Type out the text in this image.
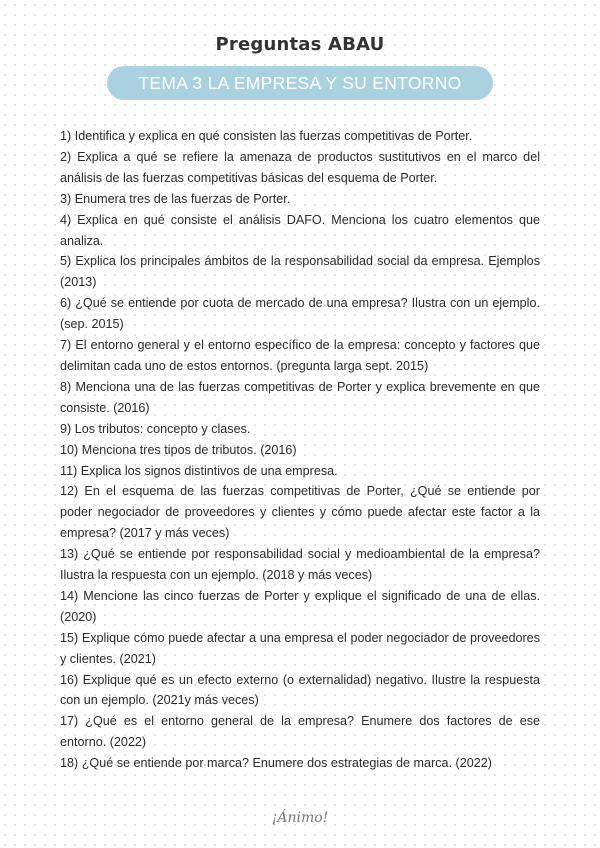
Preguntas ABAU
TEMA 3 LA EMPRESA Y SU ENTORNO
1) Identifica y explica en qué consisten las fuerzas competitivas de Porter.
2) Explica a qué se refiere la amenaza de productos sustitutivos en el marco del análisis de las fuerzas competitivas básicas del esquema de Porter.
3) Enumera tres de las fuerzas de Porter.
4) Explica en qué consiste el análisis DAFO. Menciona los cuatro elementos que analiza.
5) Explica los principales ámbitos de la responsabilidad social da empresa. Ejemplos (2013)
6) ¿Qué se entiende por cuota de mercado de una empresa? Ilustra con un ejemplo. (sep. 2015)
7) El entorno general y el entorno específico de la empresa: concepto y factores que delimitan cada uno de estos entornos. (pregunta larga sept. 2015)
8) Menciona una de las fuerzas competitivas de Porter y explica brevemente en que consiste. (2016)
9) Los tributos: concepto y clases.
10) Menciona tres tipos de tributos. (2016)
11) Explica los signos distintivos de una empresa.
12) En el esquema de las fuerzas competitivas de Porter, ¿Qué se entiende por poder negociador de proveedores y clientes y cómo puede afectar este factor a la empresa? (2017 y más veces)
13) ¿Qué se entiende por responsabilidad social y medioambiental de la empresa? Ilustra la respuesta con un ejemplo. (2018 y más veces)
14) Mencione las cinco fuerzas de Porter y explique el significado de una de ellas. (2020)
15) Explique cómo puede afectar a una empresa el poder negociador de proveedores y clientes. (2021)
16) Explique qué es un efecto externo (o externalidad) negativo. Ilustre la respuesta con un ejemplo. (2021y más veces)
17) ¿Qué es el entorno general de la empresa? Enumere dos factores de ese entorno. (2022)
18) ¿Qué se entiende por marca? Enumere dos estrategias de marca. (2022)
¡Ánimo!
